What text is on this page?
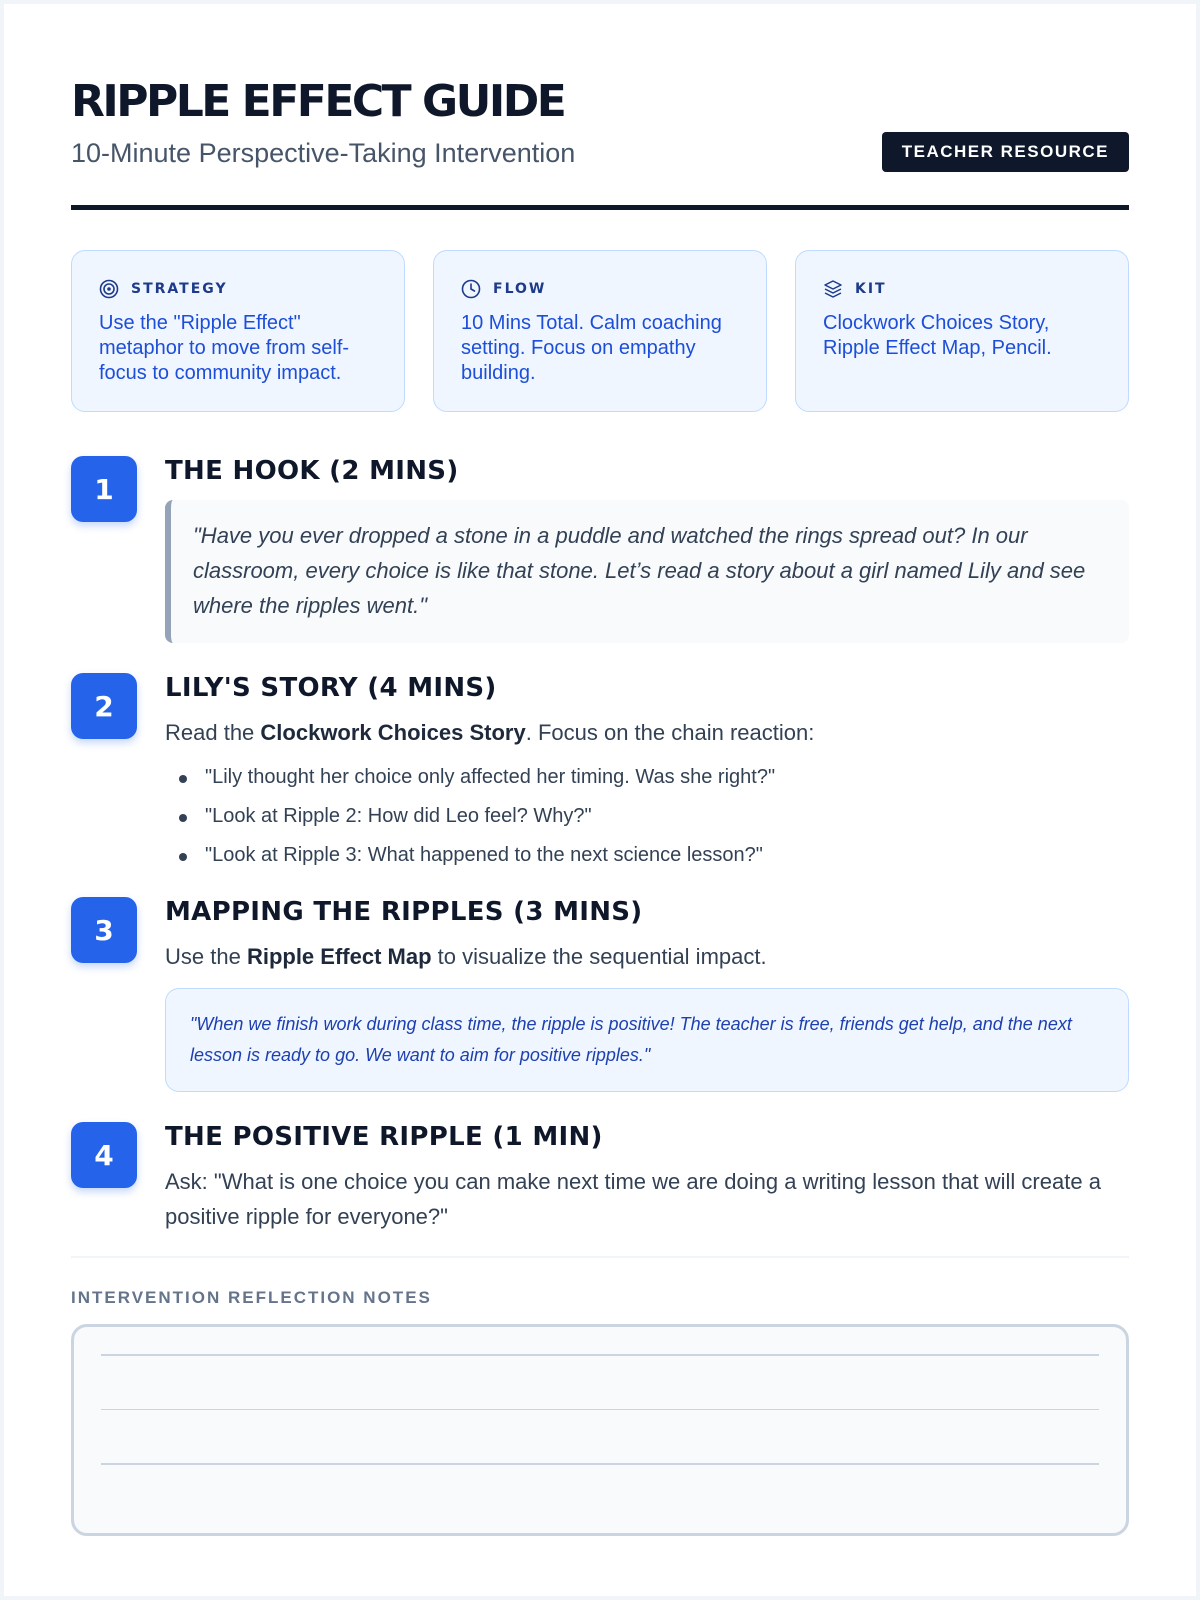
RIPPLE EFFECT GUIDE
10-Minute Perspective-Taking Intervention	TEACHER RESOURCE
STRATEGY
Use the "Ripple Effect" metaphor to move from self-focus to community impact.
FLOW
10 Mins Total. Calm coaching setting. Focus on empathy building.
KIT
Clockwork Choices Story, Ripple Effect Map, Pencil.
1
THE HOOK (2 MINS)
"Have you ever dropped a stone in a puddle and watched the rings spread out? In our classroom, every choice is like that stone. Let’s read a story about a girl named Lily and see where the ripples went."
2
LILY'S STORY (4 MINS)
Read the Clockwork Choices Story. Focus on the chain reaction:
"Lily thought her choice only affected her timing. Was she right?"
"Look at Ripple 2: How did Leo feel? Why?"
"Look at Ripple 3: What happened to the next science lesson?"
3
MAPPING THE RIPPLES (3 MINS)
Use the Ripple Effect Map to visualize the sequential impact.
"When we finish work during class time, the ripple is positive! The teacher is free, friends get help, and the next lesson is ready to go. We want to aim for positive ripples."
4
THE POSITIVE RIPPLE (1 MIN)
Ask: "What is one choice you can make next time we are doing a writing lesson that will create a positive ripple for everyone?"
INTERVENTION REFLECTION NOTES
